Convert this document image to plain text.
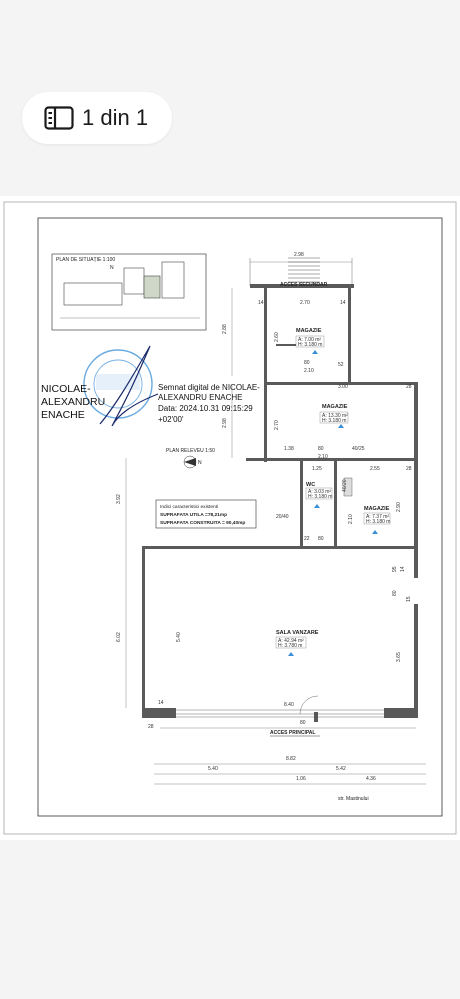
1 din 1
PLAN DE SITUAȚIE 1:100
N
NICOLAE-
ALEXANDRU
ENACHE
Semnat digital de NICOLAE-
ALEXANDRU ENACHE
Data: 2024.10.31 09:15:29
+02'00'
PLAN RELEVEU 1:50
N
Indici caracteristici existenti
SUPRAFATA UTILA =78,21mp
SUPRAFATA CONSTRUITA = 90,40mp
ACCES SECUNDAR
2.98
2.70
14	14
2.88
2.60
80
2.10
52
3.00	28
2.98	2.70
1.38	80
2.10
40/25
1.25	2.55	28
20/40
40/20
22 80
2.10
2.90
3.92
6.02	5.40
3.65
14
28
8.40
80
8.82
5.40	5.42
1.06	4.36
95 14
80
15
MAGAZIE
A: 7.00 m²
H: 3.180 m
MAGAZIE
A: 13.30 m²
H: 3.180 m
WC
A: 3.03 m²
H: 3.180 m
MAGAZIE
A: 7.37 m²
H: 3.180 m
SALA VANZARE
A: 42.94 m²
H: 3.780 m
ACCES PRINCIPAL
str. Mastinului
